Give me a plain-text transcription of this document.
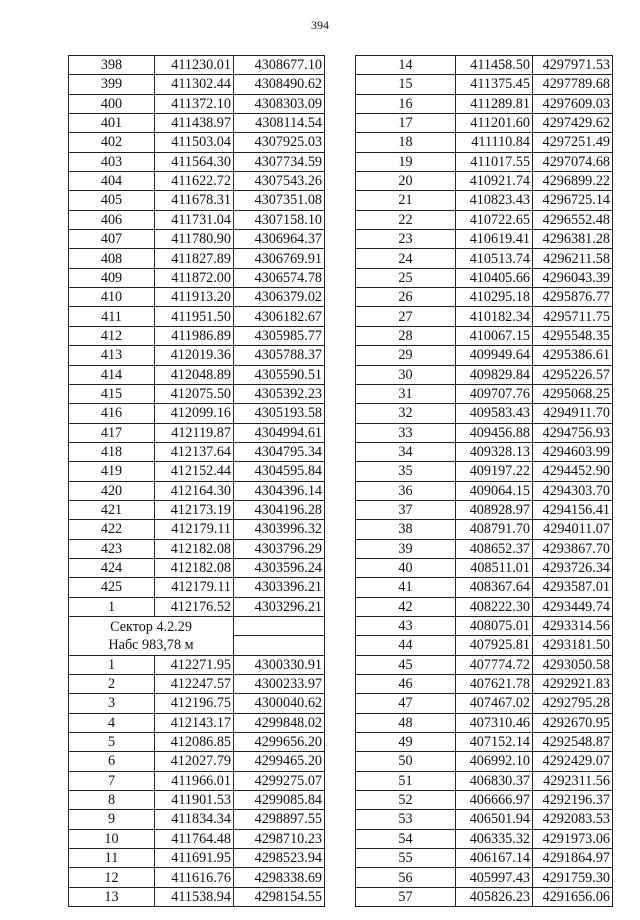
394
398	411230.01	4308677.10
399	411302.44	4308490.62
400	411372.10	4308303.09
401	411438.97	4308114.54
402	411503.04	4307925.03
403	411564.30	4307734.59
404	411622.72	4307543.26
405	411678.31	4307351.08
406	411731.04	4307158.10
407	411780.90	4306964.37
408	411827.89	4306769.91
409	411872.00	4306574.78
410	411913.20	4306379.02
411	411951.50	4306182.67
412	411986.89	4305985.77
413	412019.36	4305788.37
414	412048.89	4305590.51
415	412075.50	4305392.23
416	412099.16	4305193.58
417	412119.87	4304994.61
418	412137.64	4304795.34
419	412152.44	4304595.84
420	412164.30	4304396.14
421	412173.19	4304196.28
422	412179.11	4303996.32
423	412182.08	4303796.29
424	412182.08	4303596.24
425	412179.11	4303396.21
1	412176.52	4303296.21

Сектор 4.2.29
Набс 983,78 м		

1	412271.95	4300330.91
2	412247.57	4300233.97
3	412196.75	4300040.62
4	412143.17	4299848.02
5	412086.85	4299656.20
6	412027.79	4299465.20
7	411966.01	4299275.07
8	411901.53	4299085.84
9	411834.34	4298897.55
10	411764.48	4298710.23
11	411691.95	4298523.94
12	411616.76	4298338.69
13	411538.94	4298154.55
14	411458.50	4297971.53
15	411375.45	4297789.68
16	411289.81	4297609.03
17	411201.60	4297429.62
18	411110.84	4297251.49
19	411017.55	4297074.68
20	410921.74	4296899.22
21	410823.43	4296725.14
22	410722.65	4296552.48
23	410619.41	4296381.28
24	410513.74	4296211.58
25	410405.66	4296043.39
26	410295.18	4295876.77
27	410182.34	4295711.75
28	410067.15	4295548.35
29	409949.64	4295386.61
30	409829.84	4295226.57
31	409707.76	4295068.25
32	409583.43	4294911.70
33	409456.88	4294756.93
34	409328.13	4294603.99
35	409197.22	4294452.90
36	409064.15	4294303.70
37	408928.97	4294156.41
38	408791.70	4294011.07
39	408652.37	4293867.70
40	408511.01	4293726.34
41	408367.64	4293587.01
42	408222.30	4293449.74
43	408075.01	4293314.56
44	407925.81	4293181.50
45	407774.72	4293050.58
46	407621.78	4292921.83
47	407467.02	4292795.28
48	407310.46	4292670.95
49	407152.14	4292548.87
50	406992.10	4292429.07
51	406830.37	4292311.56
52	406666.97	4292196.37
53	406501.94	4292083.53
54	406335.32	4291973.06
55	406167.14	4291864.97
56	405997.43	4291759.30
57	405826.23	4291656.06
